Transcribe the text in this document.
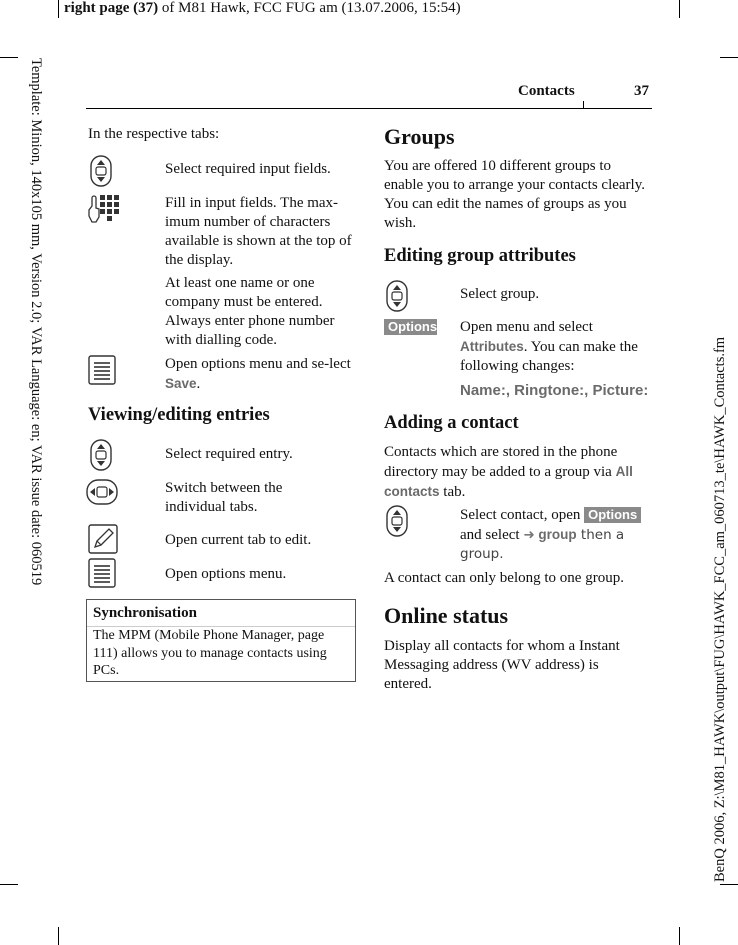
right page (37) of M81 Hawk, FCC FUG am (13.07.2006, 15:54)
Template: Minion, 140x105 mm, Version 2.0; VAR Language: en; VAR issue date: 060519
BenQ 2006, Z:\M81_HAWK\output\FUG\HAWK_FCC_am_060713_te\HAWK_Contacts.fm
Contacts	37
In the respective tabs:
Select required input fields.
Fill in input fields. The max-imum number of characters available is shown at the top of the display.
At least one name or one company must be entered. Always enter phone number with dialling code.
Open options menu and se-lect Save.
Viewing/editing entries
Select required entry.
Switch between the individual tabs.
Open current tab to edit.
Open options menu.
Synchronisation
The MPM (Mobile Phone Manager, page 111) allows you to manage contacts using PCs.
Groups
You are offered 10 different groups to enable you to arrange your contacts clearly. You can edit the names of groups as you wish.
Editing group attributes
Select group.
Options Open menu and select Attributes. You can make the following changes:
Name:, Ringtone:, Picture:
Adding a contact
Contacts which are stored in the phone directory may be added to a group via All contacts tab.
Select contact, open Options
and select ➜ group then a group.
A contact can only belong to one group.
Online status
Display all contacts for whom a Instant Messaging address (WV address) is entered.
